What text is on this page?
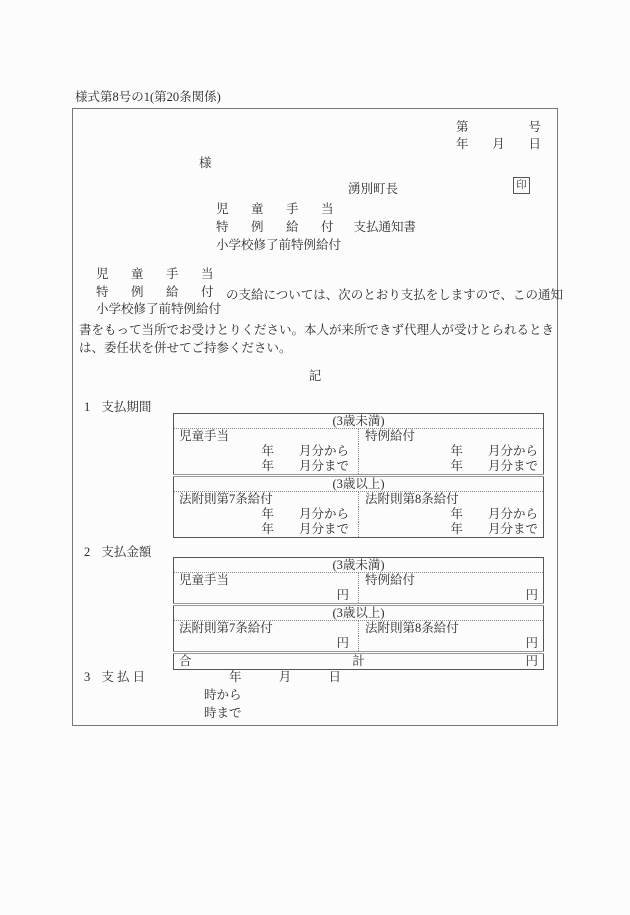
様式第8号の1(第20条関係)
第	号
年 月 日
様
湧別町長	印
児　童　手　当
特　例　給　付 支払通知書
小学校修了前特例給付
児　童　手　当
特　例　給　付
小学校修了前特例給付
の支給については、次のとおり支払をしますので、この通知
書をもって当所でお受けとりください。本人が来所できず代理人が受けとられるとき
は、委任状を併せてご持参ください。
記
1 支払期間
(3歳未満)	
児童手当	特例給付
年　　月分から	年　　月分から
年　　月分まで	年　　月分まで
(3歳以上)	
法附則第7条給付	法附則第8条給付
年　　月分から	年　　月分から
年　　月分まで	年　　月分まで
2 支払金額
(3歳未満)	
児童手当	特例給付
円	円
(3歳以上)	
法附則第7条給付	法附則第8条給付
円	円

合 計 円	
3 支 払 日	年	月	日
時から
時まで
